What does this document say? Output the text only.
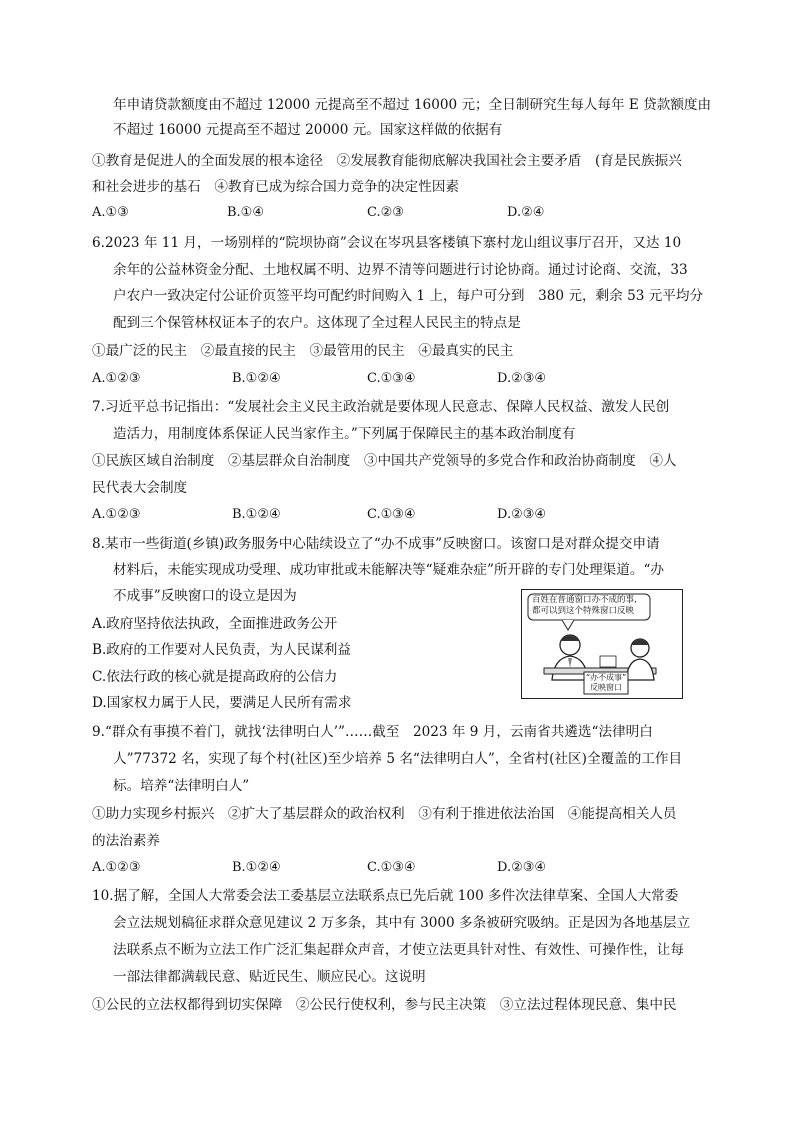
年申请贷款额度由不超过 12000 元提高至不超过 16000 元；全日制研究生每人每年 E 贷款额度由
不超过 16000 元提高至不超过 20000 元。国家这样做的依据有
①教育是促进人的全面发展的根本途径　②发展教育能彻底解决我国社会主要矛盾　(育是民族振兴
和社会进步的基石　④教育已成为综合国力竞争的决定性因素
A.①③	B.①④	C.②③	D.②④
6.2023 年 11 月，一场别样的“院坝协商”会议在岑巩县客楼镇下寨村龙山组议事厅召开，又达 10
余年的公益林资金分配、土地权属不明、边界不清等问题进行讨论协商。通过讨论商、交流，33
户农户一致决定付公证价页签平均可配约时间购入 1 上，每户可分到　380 元，剩余 53 元平均分
配到三个保管林权证本子的农户。这体现了全过程人民民主的特点是
①最广泛的民主　②最直接的民主　③最管用的民主　④最真实的民主
A.①②③	B.①②④	C.①③④	D.②③④
7.习近平总书记指出：“发展社会主义民主政治就是要体现人民意志、保障人民权益、激发人民创
造活力，用制度体系保证人民当家作主。”下列属于保障民主的基本政治制度有
①民族区域自治制度　②基层群众自治制度　③中国共产党领导的多党合作和政治协商制度　④人
民代表大会制度
A.①②③	B.①②④	C.①③④	D.②③④
8.某市一些街道(乡镇)政务服务中心陆续设立了“办不成事”反映窗口。该窗口是对群众提交申请
材料后，未能实现成功受理、成功审批或未能解决等“疑难杂症”所开辟的专门处理渠道。“办
不成事”反映窗口的设立是因为
A.政府坚持依法执政，全面推进政务公开
B.政府的工作要对人民负责，为人民谋利益
C.依法行政的核心就是提高政府的公信力
D.国家权力属于人民，要满足人民所有需求
百姓在普通窗口办不成的事,
都可以到这个特殊窗口反映
“办不成事”
反映窗口
9.“群众有事摸不着门，就找‘法律明白人’”……截至　2023 年 9 月，云南省共遴选“法律明白
人”77372 名，实现了每个村(社区)至少培养 5 名“法律明白人”，全省村(社区)全覆盖的工作目
标。培养“法律明白人”
①助力实现乡村振兴　②扩大了基层群众的政治权利　③有利于推进依法治国　④能提高相关人员
的法治素养
A.①②③	B.①②④	C.①③④	D.②③④
10.据了解，全国人大常委会法工委基层立法联系点已先后就 100 多件次法律草案、全国人大常委
会立法规划稿征求群众意见建议 2 万多条，其中有 3000 多条被研究吸纳。正是因为各地基层立
法联系点不断为立法工作广泛汇集起群众声音，才使立法更具针对性、有效性、可操作性，让每
一部法律都满载民意、贴近民生、顺应民心。这说明
①公民的立法权都得到切实保障　②公民行使权利，参与民主决策　③立法过程体现民意、集中民
